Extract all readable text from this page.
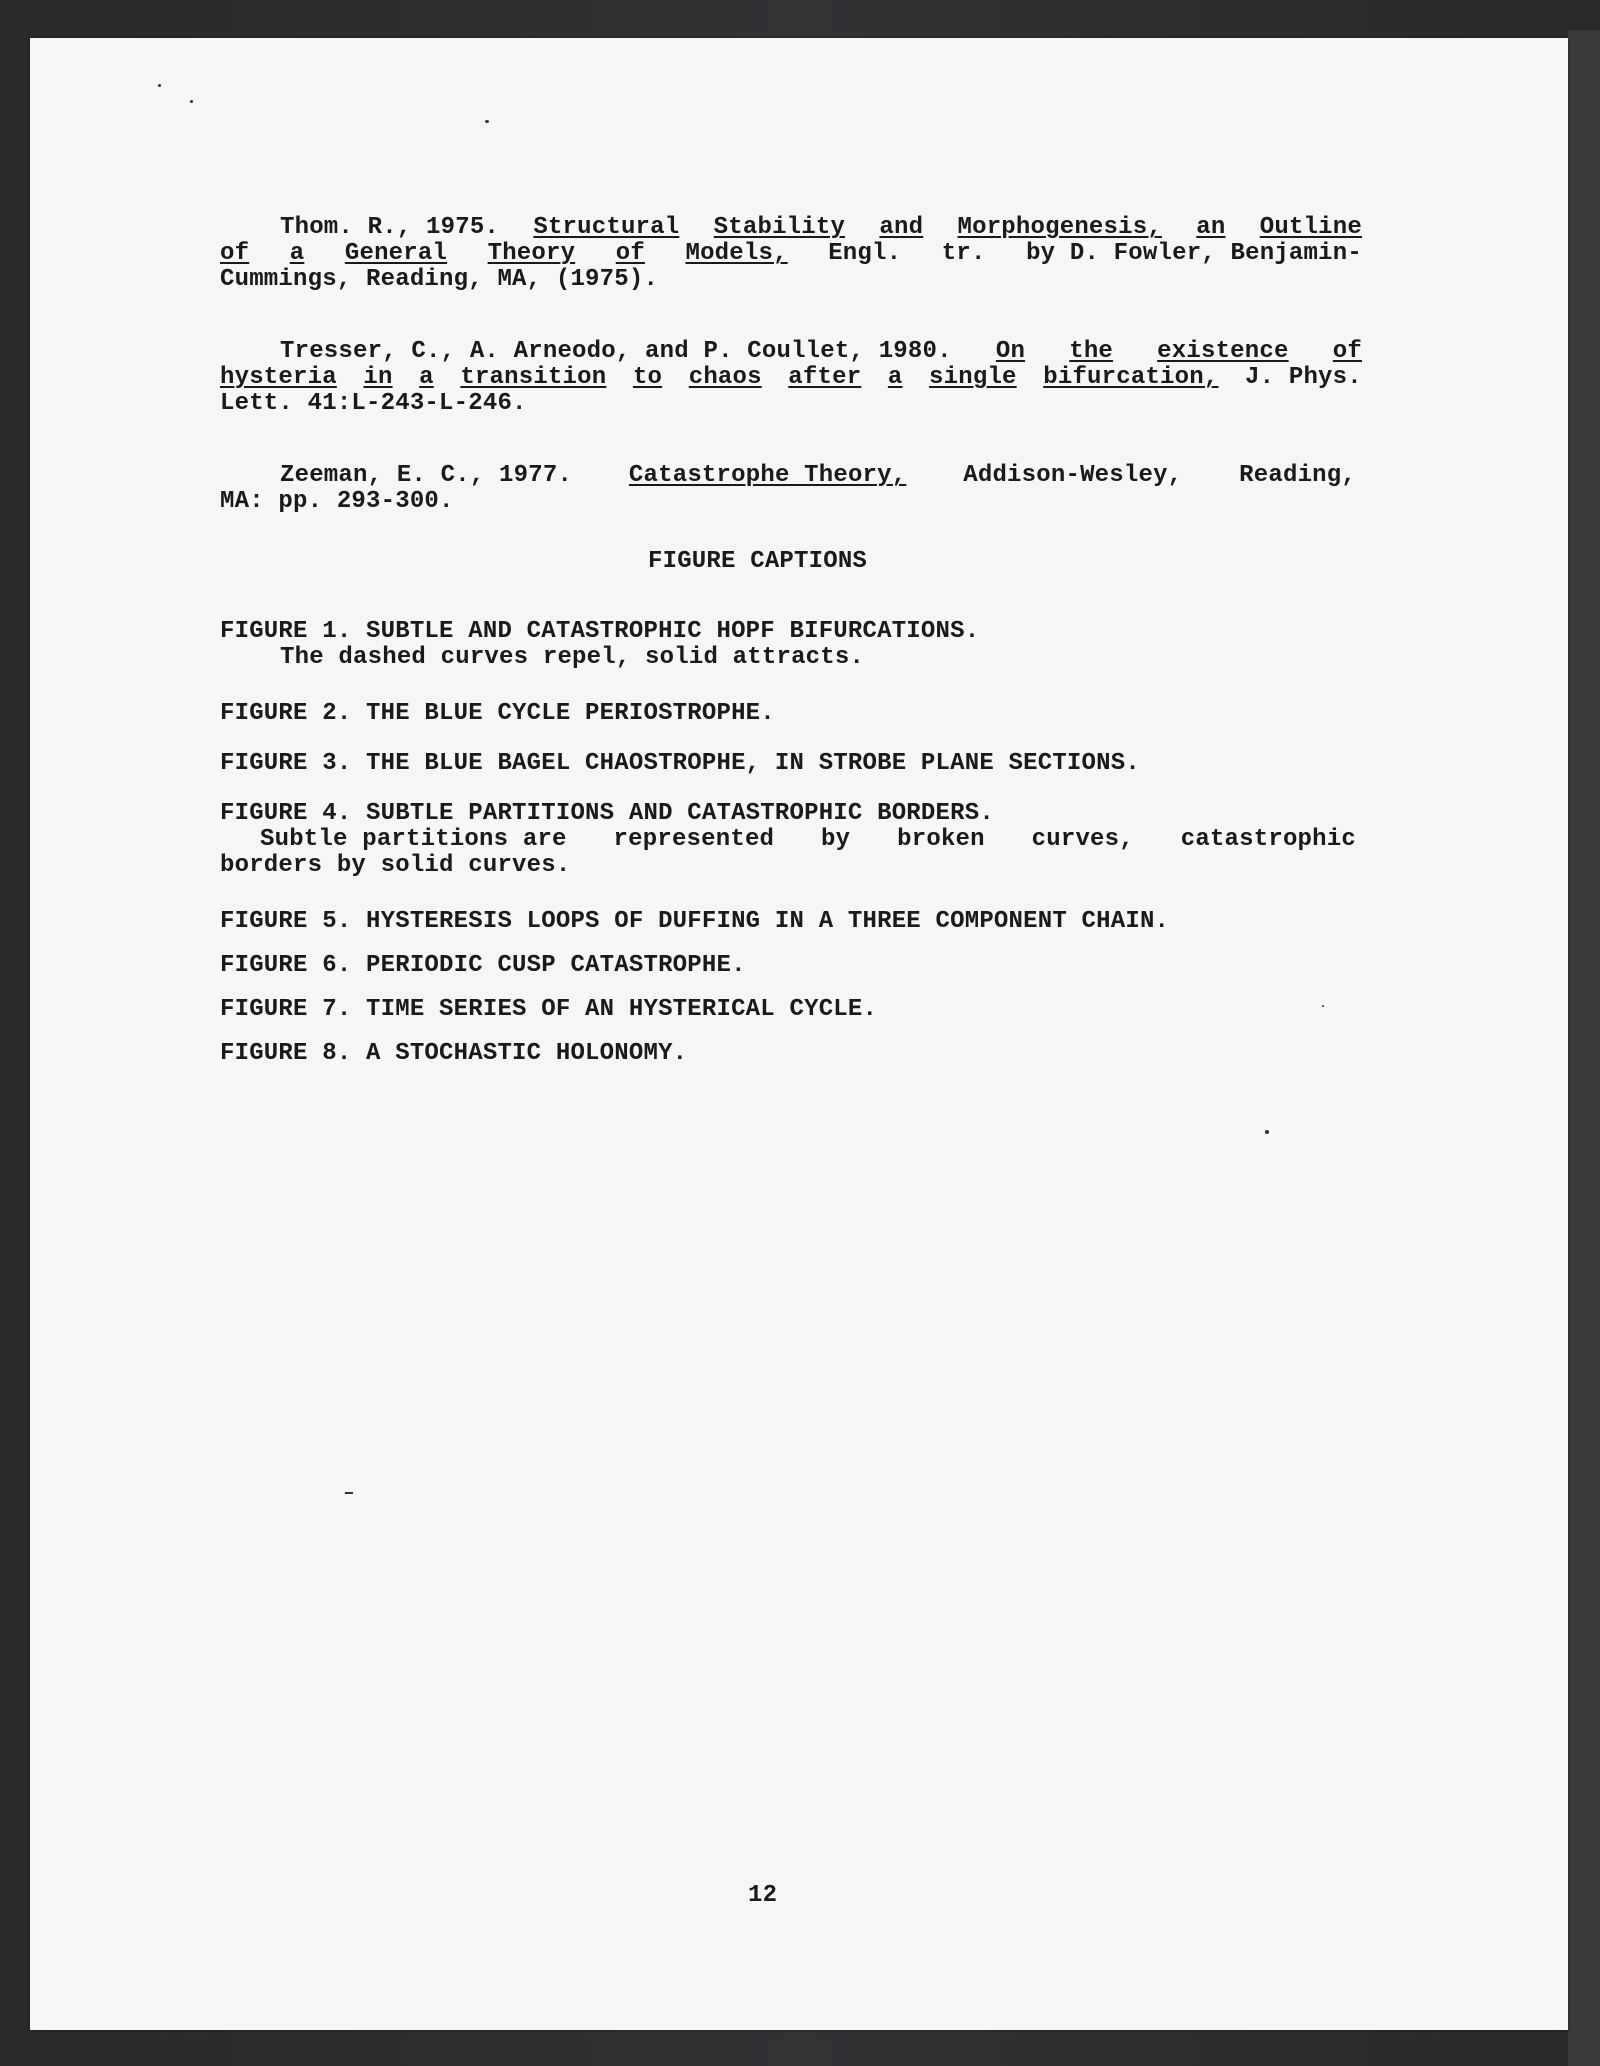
Thom. R., 1975. Structural Stability and Morphogenesis, an Outline
of a General Theory of Models, Engl. tr. by D. Fowler, Benjamin-
Cummings, Reading, MA, (1975).
Tresser, C., A. Arneodo, and P. Coullet, 1980. On the existence of
hysteria in a transition to chaos after a single bifurcation, J. Phys.
Lett. 41:L-243-L-246.
Zeeman, E. C., 1977. Catastrophe Theory, Addison-Wesley, Reading,
MA: pp. 293-300.
FIGURE CAPTIONS
FIGURE 1. SUBTLE AND CATASTROPHIC HOPF BIFURCATIONS.
The dashed curves repel, solid attracts.
FIGURE 2. THE BLUE CYCLE PERIOSTROPHE.
FIGURE 3. THE BLUE BAGEL CHAOSTROPHE, IN STROBE PLANE SECTIONS.
FIGURE 4. SUBTLE PARTITIONS AND CATASTROPHIC BORDERS.
Subtle partitions are represented by broken curves, catastrophic
borders by solid curves.
FIGURE 5. HYSTERESIS LOOPS OF DUFFING IN A THREE COMPONENT CHAIN.
FIGURE 6. PERIODIC CUSP CATASTROPHE.
FIGURE 7. TIME SERIES OF AN HYSTERICAL CYCLE.
FIGURE 8. A STOCHASTIC HOLONOMY.
12
